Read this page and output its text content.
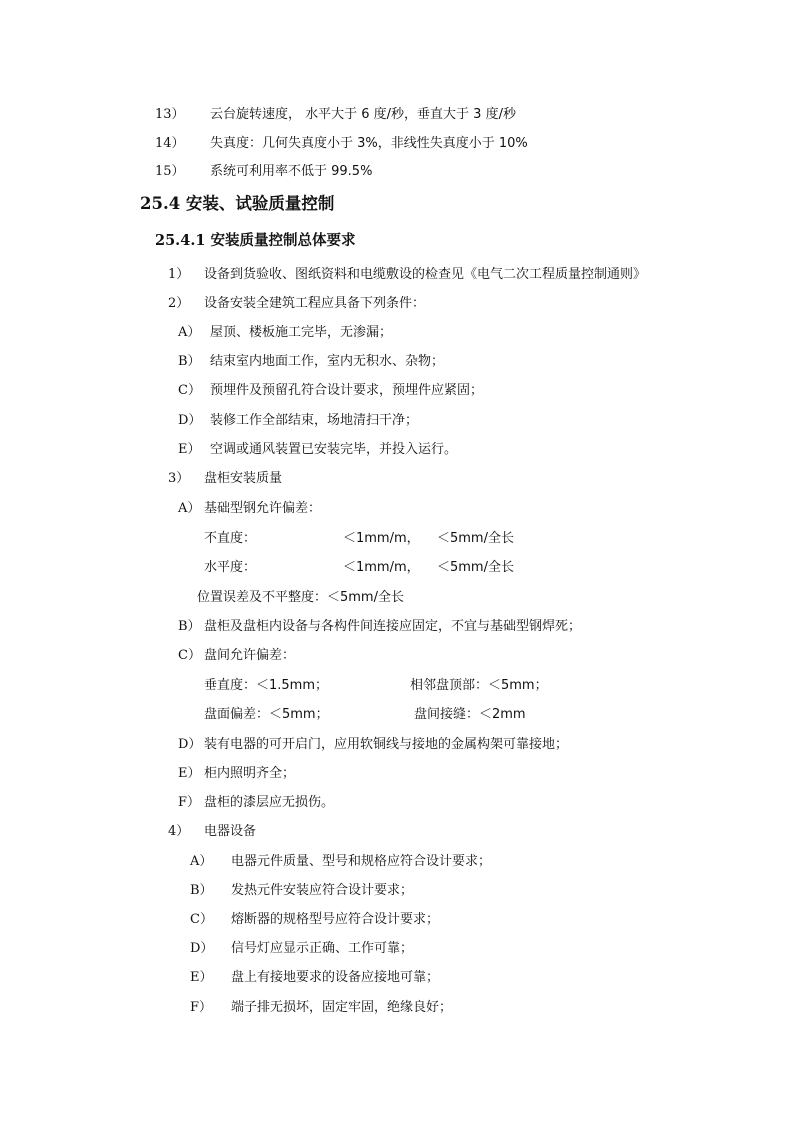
13） 云台旋转速度， 水平大于 6 度/秒，垂直大于 3 度/秒
14） 失真度：几何失真度小于 3%，非线性失真度小于 10%
15） 系统可利用率不低于 99.5%
25.4 安装、试验质量控制
25.4.1 安装质量控制总体要求
1） 设备到货验收、图纸资料和电缆敷设的检查见《电气二次工程质量控制通则》
2） 设备安装全建筑工程应具备下列条件：
A） 屋顶、楼板施工完毕，无渗漏；
B） 结束室内地面工作，室内无积水、杂物；
C） 预埋件及预留孔符合设计要求，预埋件应紧固；
D） 装修工作全部结束，场地清扫干净；
E） 空调或通风装置已安装完毕，并投入运行。
3） 盘柜安装质量
A） 基础型钢允许偏差：
不直度：	＜1mm/m， ＜5mm/全长
水平度：	＜1mm/m， ＜5mm/全长
位置误差及不平整度：＜5mm/全长
B） 盘柜及盘柜内设备与各构件间连接应固定，不宜与基础型钢焊死；
C） 盘间允许偏差：
垂直度：＜1.5mm；	相邻盘顶部：＜5mm；
盘面偏差：＜5mm；	盘间接缝：＜2mm
D） 装有电器的可开启门，应用软铜线与接地的金属构架可靠接地；
E） 柜内照明齐全；
F） 盘柜的漆层应无损伤。
4） 电器设备
A） 电器元件质量、型号和规格应符合设计要求；
B） 发热元件安装应符合设计要求；
C） 熔断器的规格型号应符合设计要求；
D） 信号灯应显示正确、工作可靠；
E） 盘上有接地要求的设备应接地可靠；
F） 端子排无损坏，固定牢固，绝缘良好；
